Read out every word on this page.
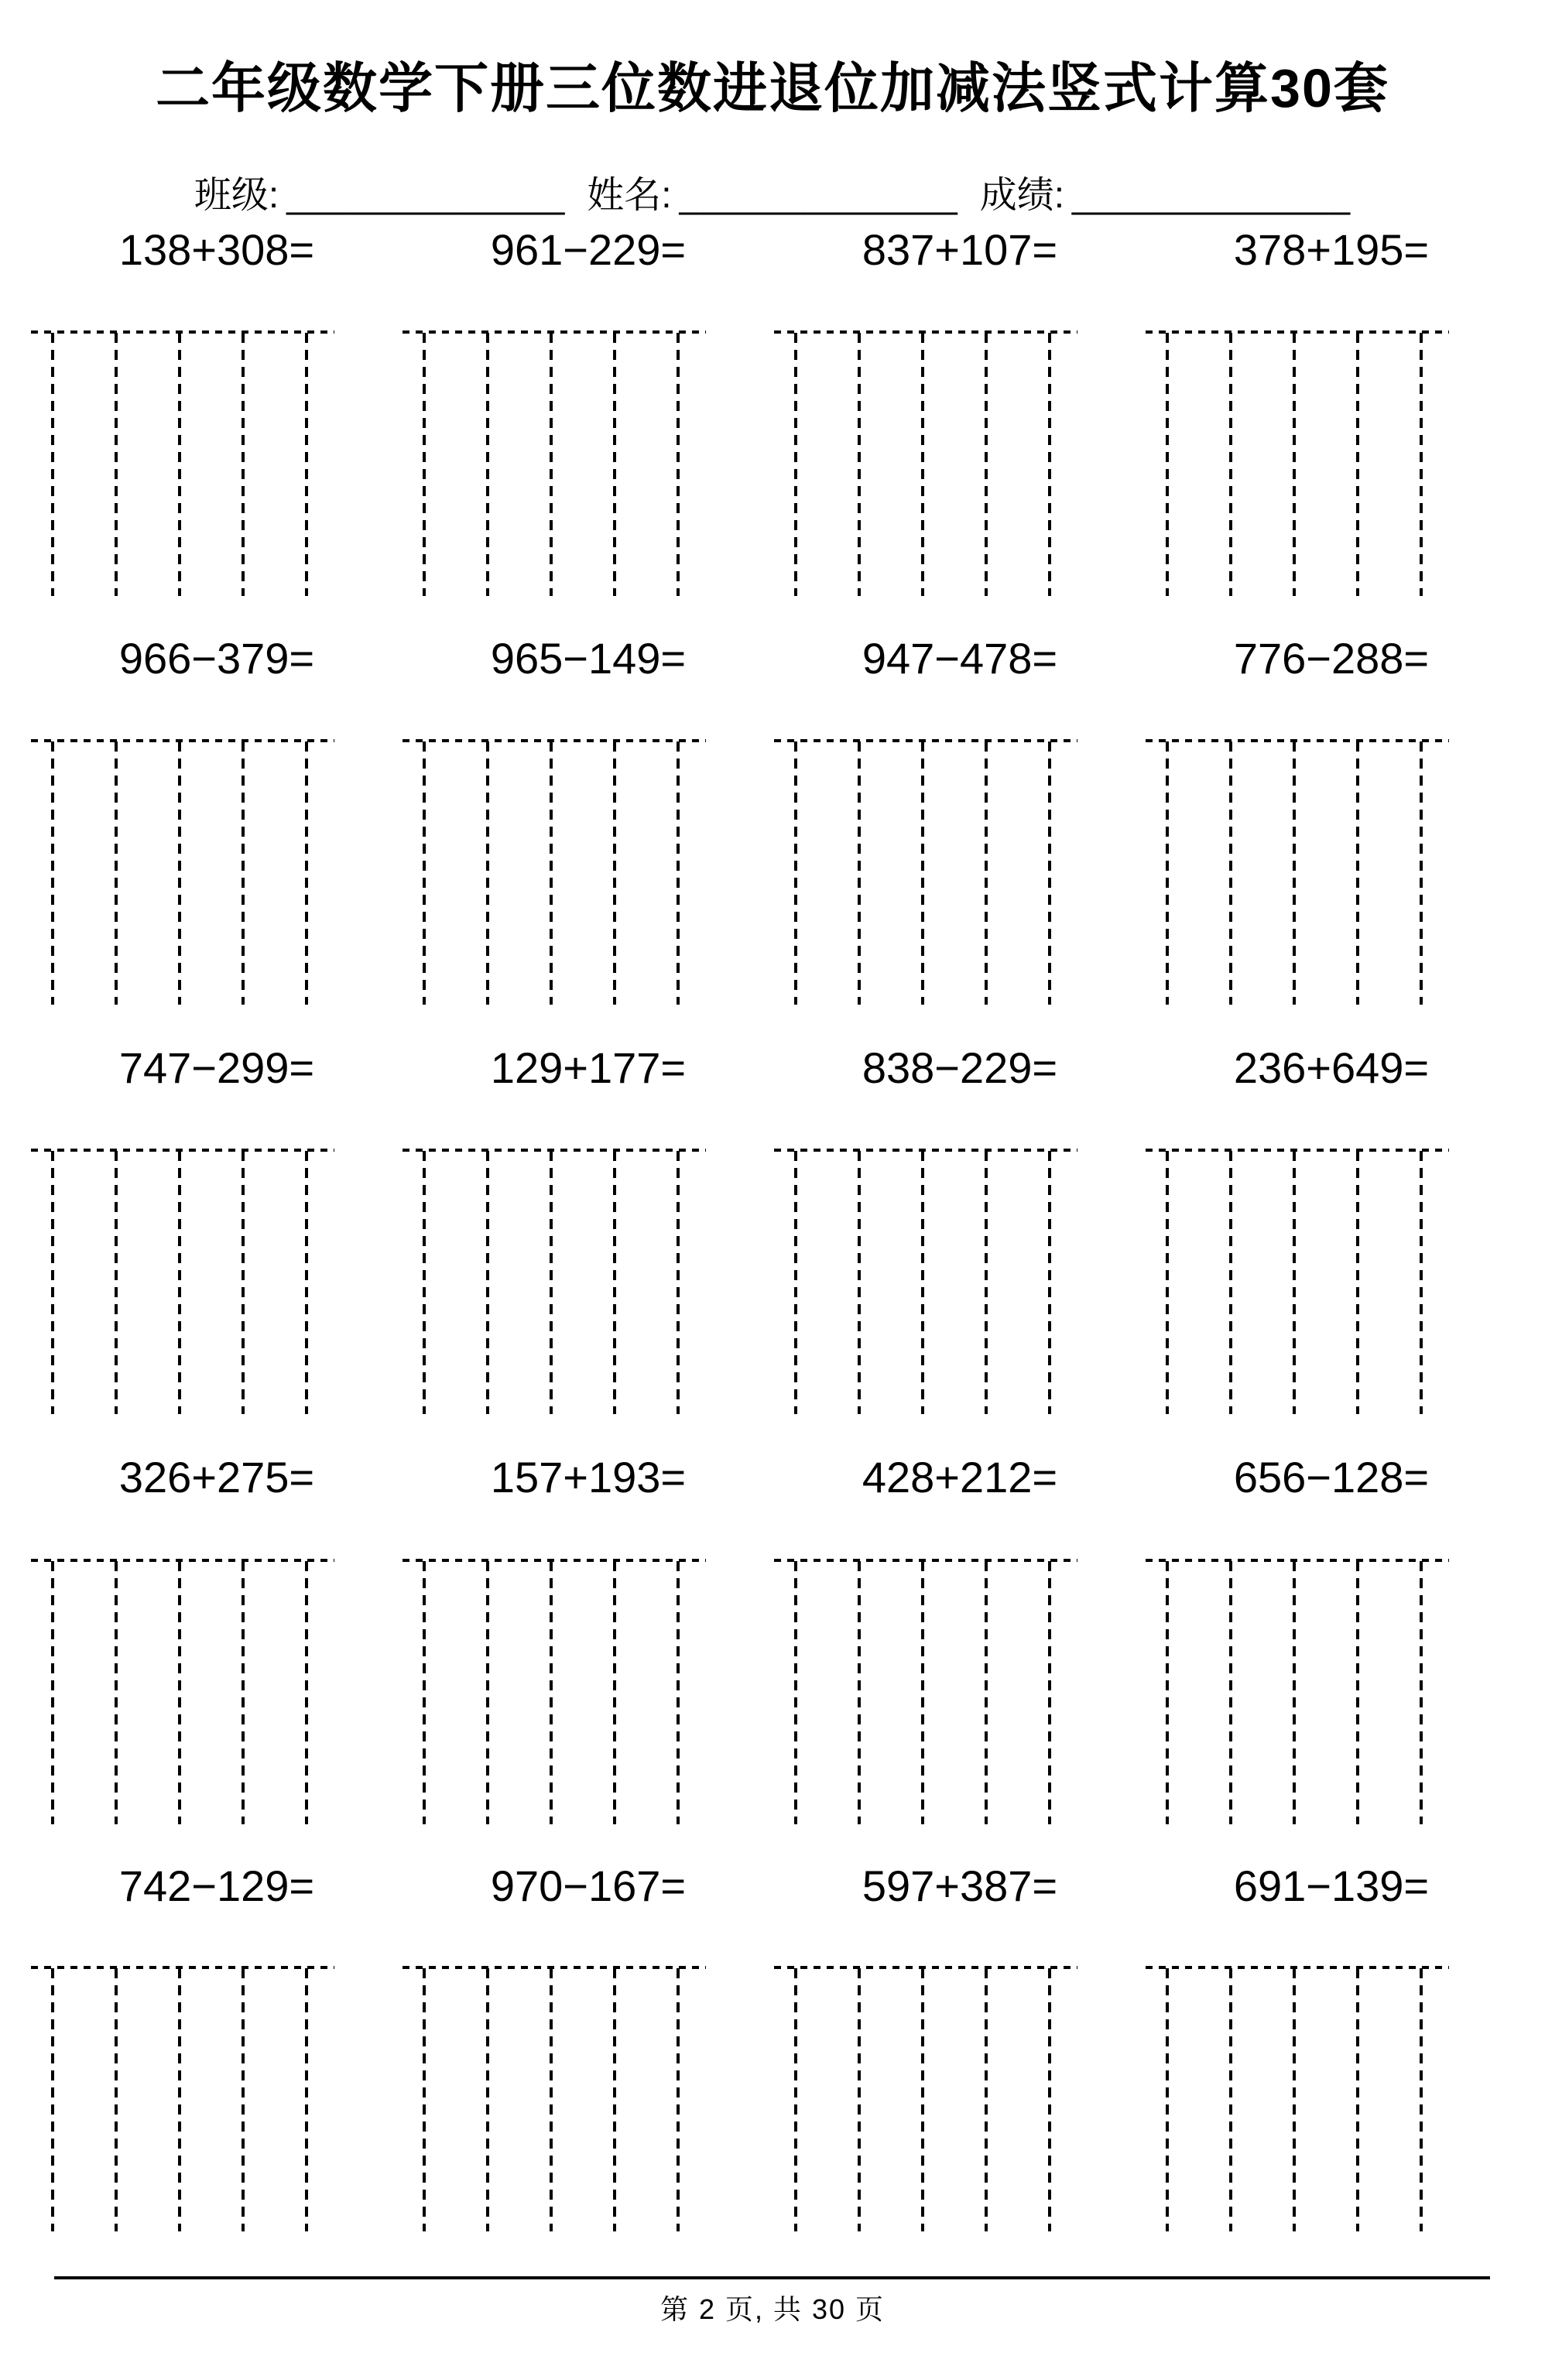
二年级数学下册三位数进退位加减法竖式计算30套
班级: _____________ 姓名: _____________ 成绩: _____________
138+308=	961−229=	837+107=	378+195=
966−379=	965−149=	947−478=	776−288=
747−299=	129+177=	838−229=	236+649=
326+275=	157+193=	428+212=	656−128=
742−129=	970−167=	597+387=	691−139=
第 2 页, 共 30 页
